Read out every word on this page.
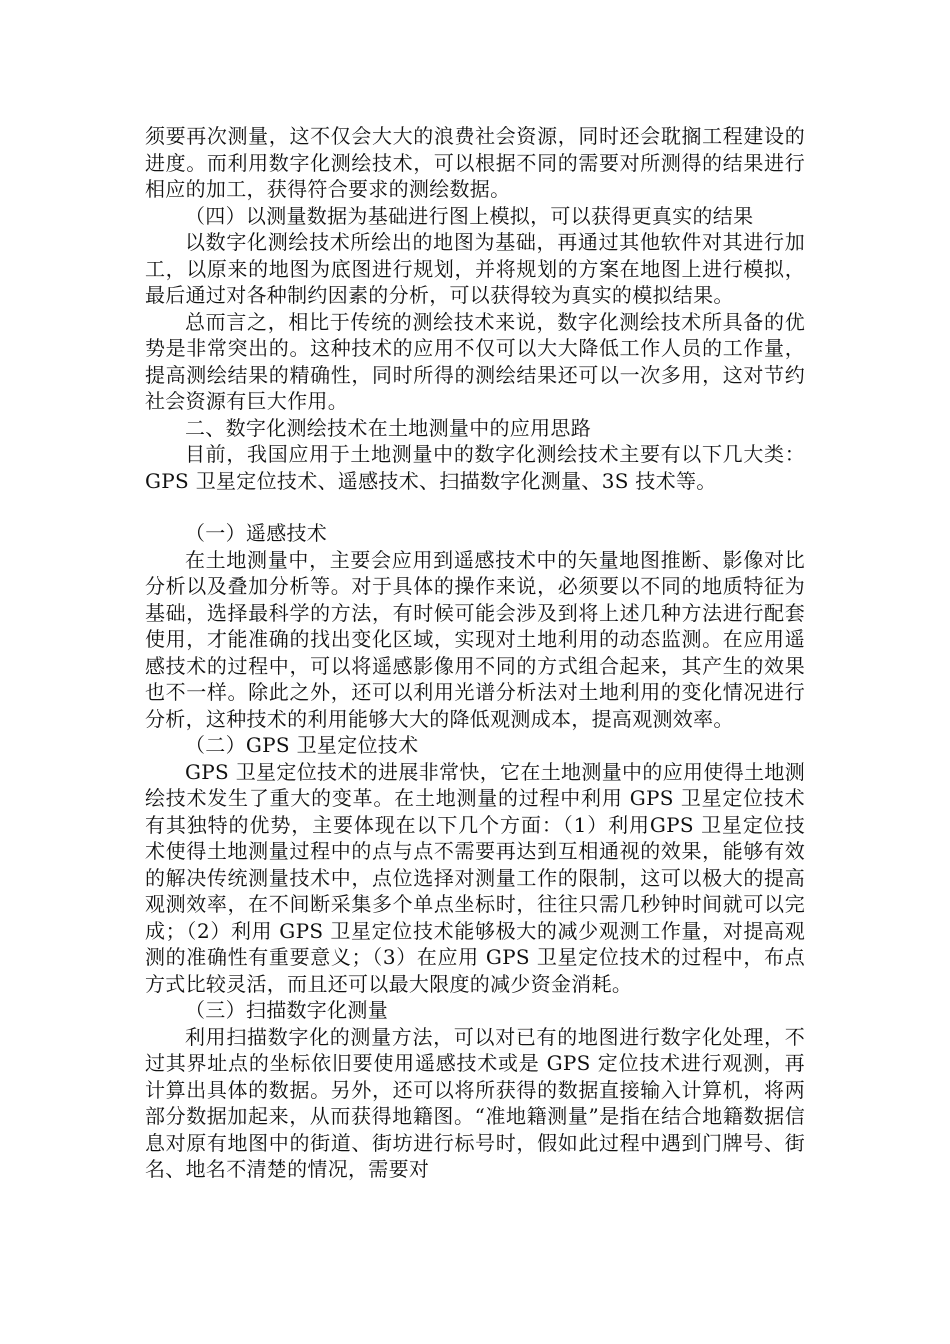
须要再次测量，这不仅会大大的浪费社会资源，同时还会耽搁工程建设的进度。而利用数字化测绘技术，可以根据不同的需要对所测得的结果进行相应的加工，获得符合要求的测绘数据。

（四）以测量数据为基础进行图上模拟，可以获得更真实的结果

以数字化测绘技术所绘出的地图为基础，再通过其他软件对其进行加工，以原来的地图为底图进行规划，并将规划的方案在地图上进行模拟，最后通过对各种制约因素的分析，可以获得较为真实的模拟结果。

总而言之，相比于传统的测绘技术来说，数字化测绘技术所具备的优势是非常突出的。这种技术的应用不仅可以大大降低工作人员的工作量，提高测绘结果的精确性，同时所得的测绘结果还可以一次多用，这对节约社会资源有巨大作用。

二、数字化测绘技术在土地测量中的应用思路

目前，我国应用于土地测量中的数字化测绘技术主要有以下几大类：GPS 卫星定位技术、遥感技术、扫描数字化测量、3S 技术等。

（一）遥感技术

在土地测量中，主要会应用到遥感技术中的矢量地图推断、影像对比分析以及叠加分析等。对于具体的操作来说，必须要以不同的地质特征为基础，选择最科学的方法，有时候可能会涉及到将上述几种方法进行配套使用，才能准确的找出变化区域，实现对土地利用的动态监测。在应用遥感技术的过程中，可以将遥感影像用不同的方式组合起来，其产生的效果也不一样。除此之外，还可以利用光谱分析法对土地利用的变化情况进行分析，这种技术的利用能够大大的降低观测成本，提高观测效率。

（二）GPS 卫星定位技术

GPS 卫星定位技术的进展非常快，它在土地测量中的应用使得土地测绘技术发生了重大的变革。在土地测量的过程中利用 GPS 卫星定位技术有其独特的优势，主要体现在以下几个方面：（1）利用GPS 卫星定位技术使得土地测量过程中的点与点不需要再达到互相通视的效果，能够有效的解决传统测量技术中，点位选择对测量工作的限制，这可以极大的提高观测效率，在不间断采集多个单点坐标时，往往只需几秒钟时间就可以完成；（2）利用 GPS 卫星定位技术能够极大的减少观测工作量，对提高观测的准确性有重要意义；（3）在应用 GPS 卫星定位技术的过程中，布点方式比较灵活，而且还可以最大限度的减少资金消耗。

（三）扫描数字化测量

利用扫描数字化的测量方法，可以对已有的地图进行数字化处理，不过其界址点的坐标依旧要使用遥感技术或是 GPS 定位技术进行观测，再计算出具体的数据。另外，还可以将所获得的数据直接输入计算机，将两部分数据加起来，从而获得地籍图。“准地籍测量”是指在结合地籍数据信息对原有地图中的街道、街坊进行标号时，假如此过程中遇到门牌号、街名、地名不清楚的情况，需要对
